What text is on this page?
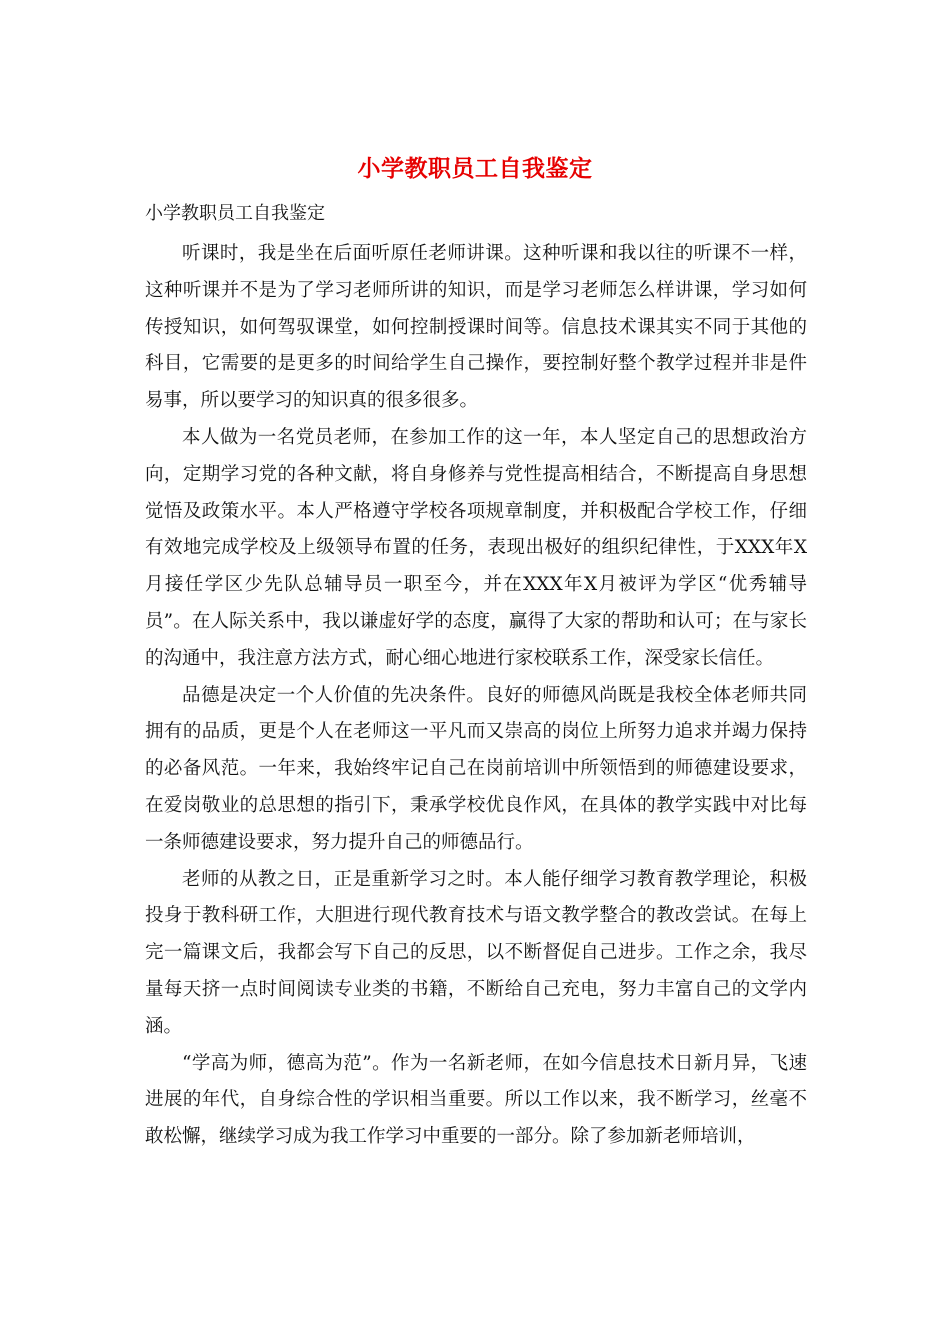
小学教职员工自我鉴定
小学教职员工自我鉴定

听课时，我是坐在后面听原任老师讲课。这种听课和我以往的听课不一样，这种听课并不是为了学习老师所讲的知识，而是学习老师怎么样讲课，学习如何传授知识，如何驾驭课堂，如何控制授课时间等。信息技术课其实不同于其他的科目，它需要的是更多的时间给学生自己操作，要控制好整个教学过程并非是件易事，所以要学习的知识真的很多很多。

本人做为一名党员老师，在参加工作的这一年，本人坚定自己的思想政治方向，定期学习党的各种文献，将自身修养与党性提高相结合，不断提高自身思想觉悟及政策水平。本人严格遵守学校各项规章制度，并积极配合学校工作，仔细有效地完成学校及上级领导布置的任务，表现出极好的组织纪律性，于XXX年X月接任学区少先队总辅导员一职至今，并在XXX年X月被评为学区“优秀辅导员”。在人际关系中，我以谦虚好学的态度，赢得了大家的帮助和认可；在与家长的沟通中，我注意方法方式，耐心细心地进行家校联系工作，深受家长信任。

品德是决定一个人价值的先决条件。良好的师德风尚既是我校全体老师共同拥有的品质，更是个人在老师这一平凡而又崇高的岗位上所努力追求并竭力保持的必备风范。一年来，我始终牢记自己在岗前培训中所领悟到的师德建设要求，在爱岗敬业的总思想的指引下，秉承学校优良作风，在具体的教学实践中对比每一条师德建设要求，努力提升自己的师德品行。

老师的从教之日，正是重新学习之时。本人能仔细学习教育教学理论，积极投身于教科研工作，大胆进行现代教育技术与语文教学整合的教改尝试。在每上完一篇课文后，我都会写下自己的反思，以不断督促自己进步。工作之余，我尽量每天挤一点时间阅读专业类的书籍，不断给自己充电，努力丰富自己的文学内涵。

“学高为师，德高为范”。作为一名新老师，在如今信息技术日新月异，飞速进展的年代，自身综合性的学识相当重要。所以工作以来，我不断学习，丝毫不敢松懈，继续学习成为我工作学习中重要的一部分。除了参加新老师培训，
